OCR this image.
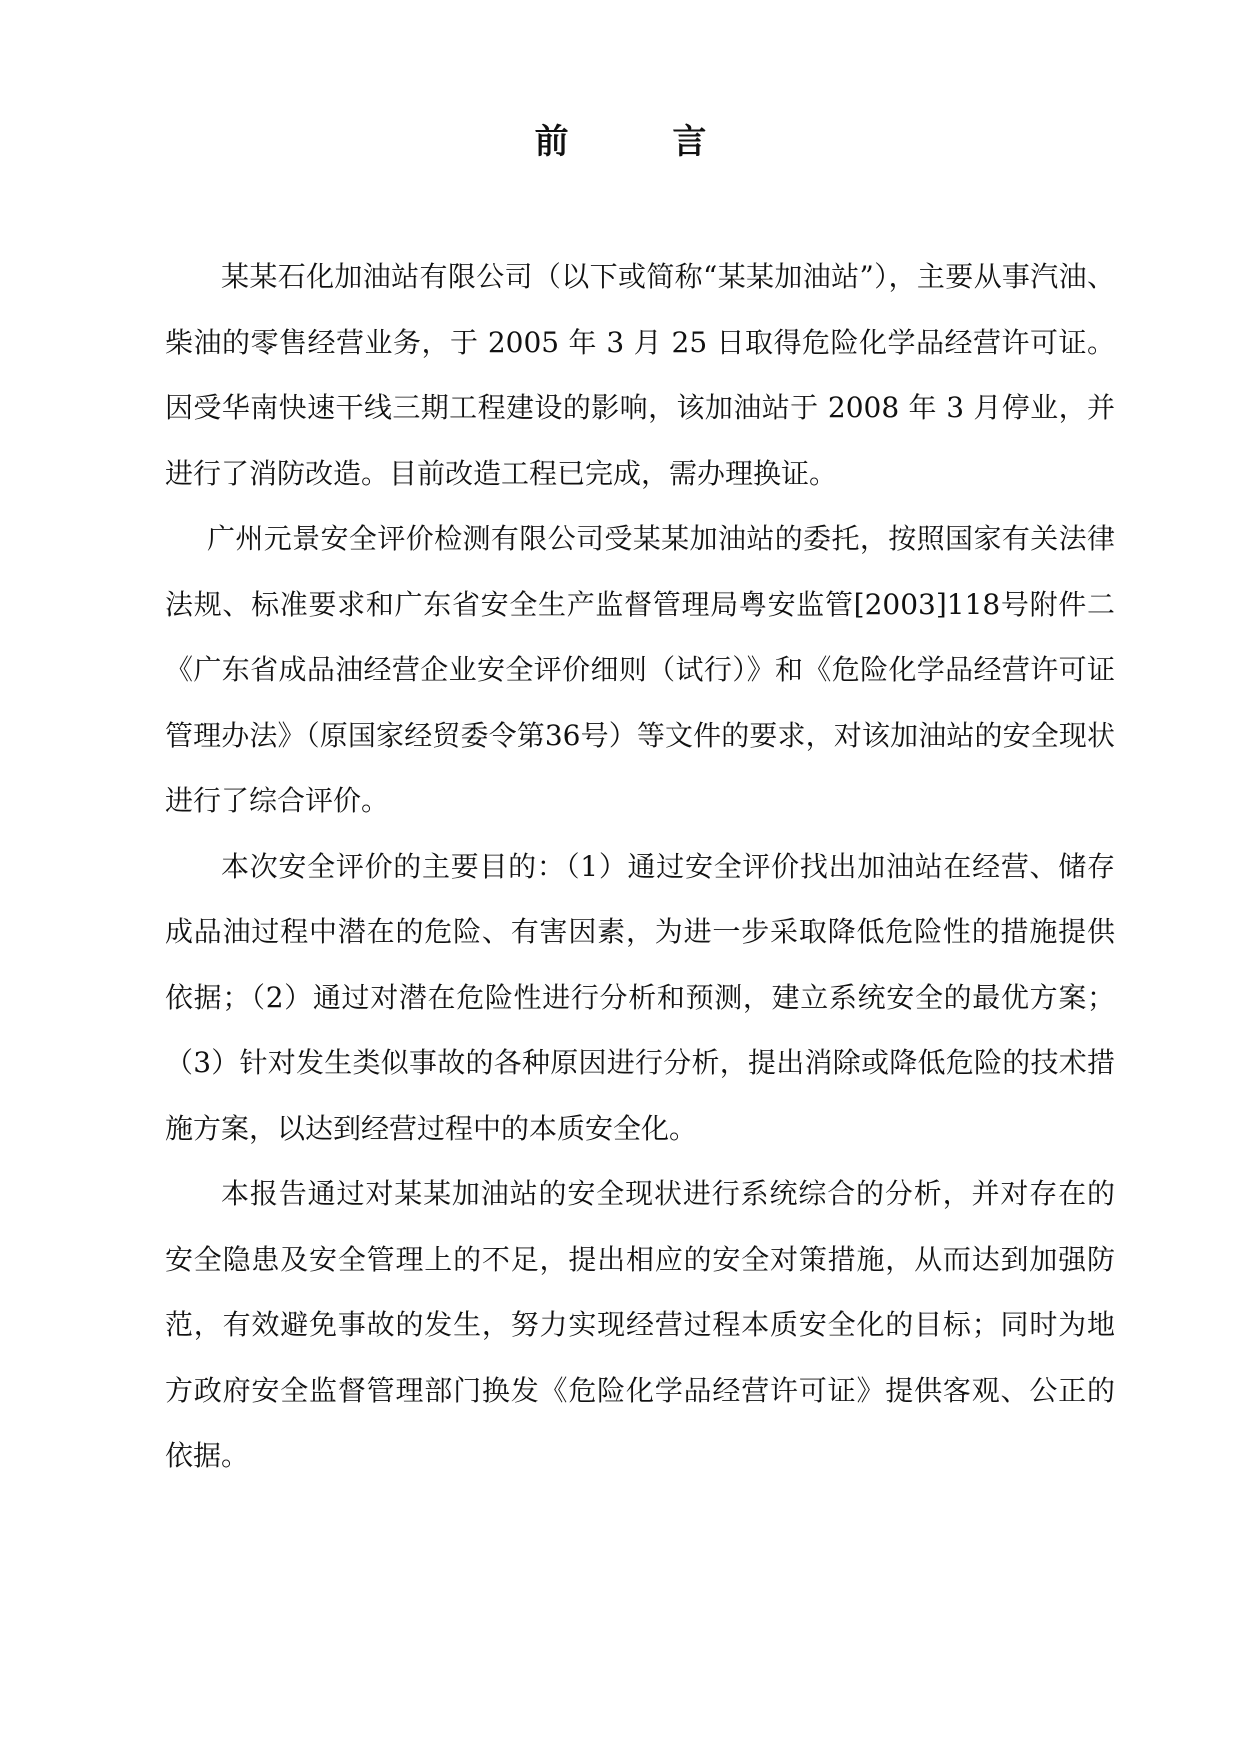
前 言

某某石化加油站有限公司（以下或简称“某某加油站”），主要从事汽油、柴油的零售经营业务，于 2005 年 3 月 25 日取得危险化学品经营许可证。因受华南快速干线三期工程建设的影响，该加油站于 2008 年 3 月停业，并进行了消防改造。目前改造工程已完成，需办理换证。

广州元景安全评价检测有限公司受某某加油站的委托，按照国家有关法律法规、标准要求和广东省安全生产监督管理局粤安监管[2003]118号附件二《广东省成品油经营企业安全评价细则（试行）》和《危险化学品经营许可证管理办法》（原国家经贸委令第36号）等文件的要求，对该加油站的安全现状进行了综合评价。

本次安全评价的主要目的：（1）通过安全评价找出加油站在经营、储存成品油过程中潜在的危险、有害因素，为进一步采取降低危险性的措施提供依据；（2）通过对潜在危险性进行分析和预测，建立系统安全的最优方案；（3）针对发生类似事故的各种原因进行分析，提出消除或降低危险的技术措施方案，以达到经营过程中的本质安全化。

本报告通过对某某加油站的安全现状进行系统综合的分析，并对存在的安全隐患及安全管理上的不足，提出相应的安全对策措施，从而达到加强防范，有效避免事故的发生，努力实现经营过程本质安全化的目标；同时为地方政府安全监督管理部门换发《危险化学品经营许可证》提供客观、公正的依据。
